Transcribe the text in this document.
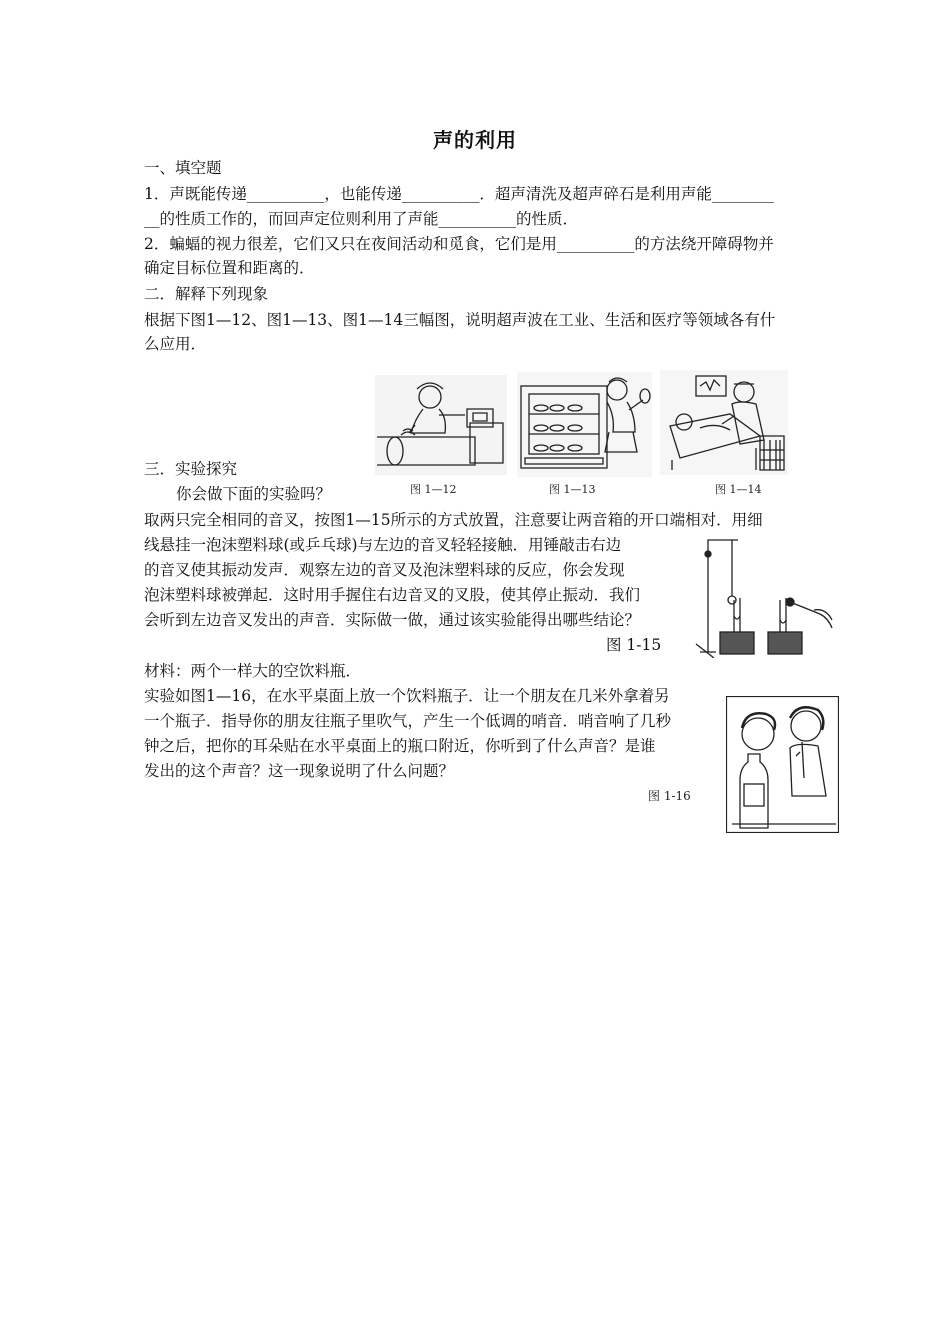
声的利用
一、填空题
1．声既能传递__________，也能传递__________．超声清洗及超声碎石是利用声能________
__的性质工作的，而回声定位则利用了声能__________的性质．
2．蝙蝠的视力很差，它们又只在夜间活动和觅食，它们是用__________的方法绕开障碍物并
确定目标位置和距离的．
二．解释下列现象
根据下图1—12、图1—13、图1—14三幅图，说明超声波在工业、生活和医疗等领域各有什
么应用．
图 1—12	图 1—13	图 1—14
三．实验探究
你会做下面的实验吗？
取两只完全相同的音叉，按图1—15所示的方式放置，注意要让两音箱的开口端相对．用细
线悬挂一泡沫塑料球(或乒乓球)与左边的音叉轻轻接触．用锤敲击右边
的音叉使其振动发声．观察左边的音叉及泡沫塑料球的反应，你会发现
泡沫塑料球被弹起．这时用手握住右边音叉的叉股，使其停止振动．我们
会听到左边音叉发出的声音．实际做一做，通过该实验能得出哪些结论？
图 1-15
材料：两个一样大的空饮料瓶．
实验如图1—16，在水平桌面上放一个饮料瓶子．让一个朋友在几米外拿着另
一个瓶子．指导你的朋友往瓶子里吹气，产生一个低调的哨音．哨音响了几秒
钟之后，把你的耳朵贴在水平桌面上的瓶口附近，你听到了什么声音？是谁
发出的这个声音？这一现象说明了什么问题？
图 1-16
